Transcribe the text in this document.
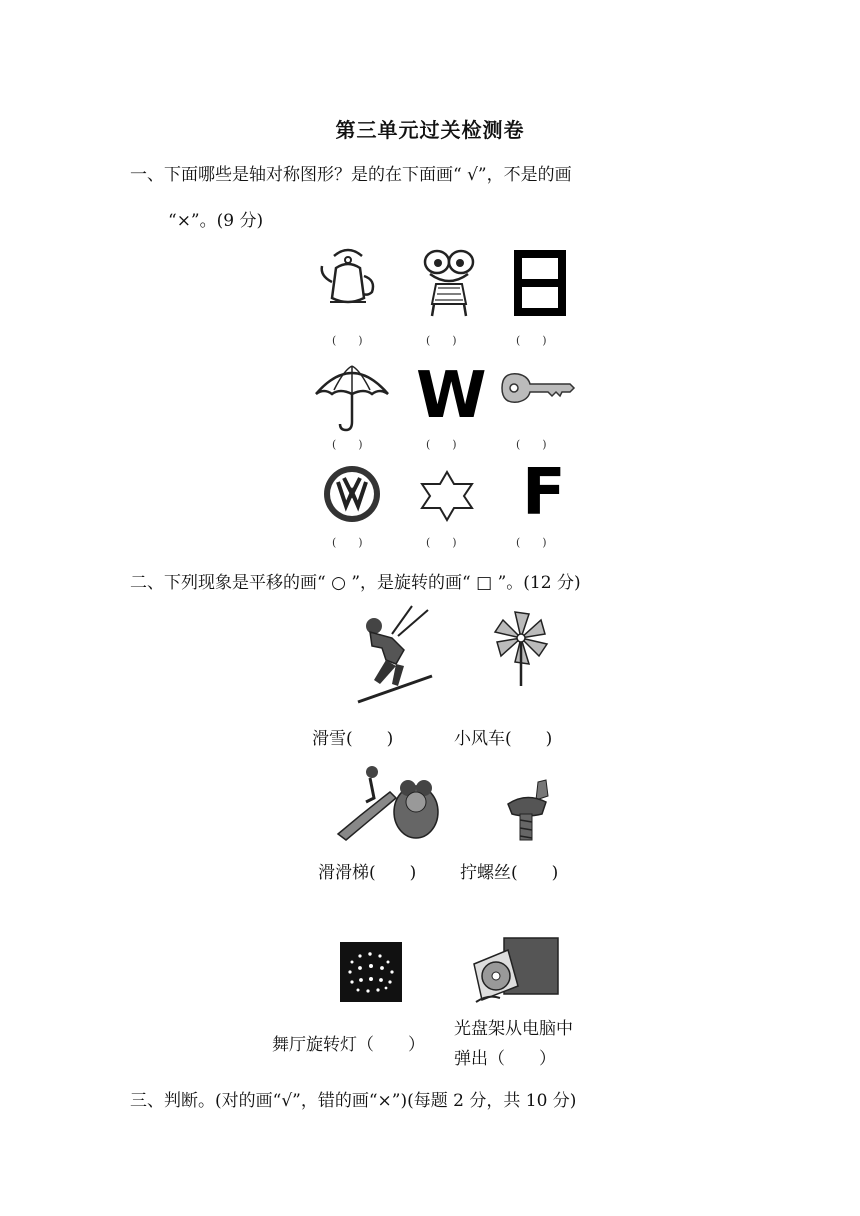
第三单元过关检测卷
一、下面哪些是轴对称图形？是的在下面画“ √”，不是的画
“×”。(9 分)
(　　)	(　　)	(　　)
W
(　　)	(　　)	(　　)
F
(　　)	(　　)	(　　)
二、下列现象是平移的画“ ○ ”，是旋转的画“ □ ”。(12 分)
滑雪(　　)	小风车(　　)
滑滑梯(　　)	拧螺丝(　　)
舞厅旋转灯（　　）
光盘架从电脑中
弹出（　　）
三、判断。(对的画“√”，错的画“×”)(每题 2 分，共 10 分)
